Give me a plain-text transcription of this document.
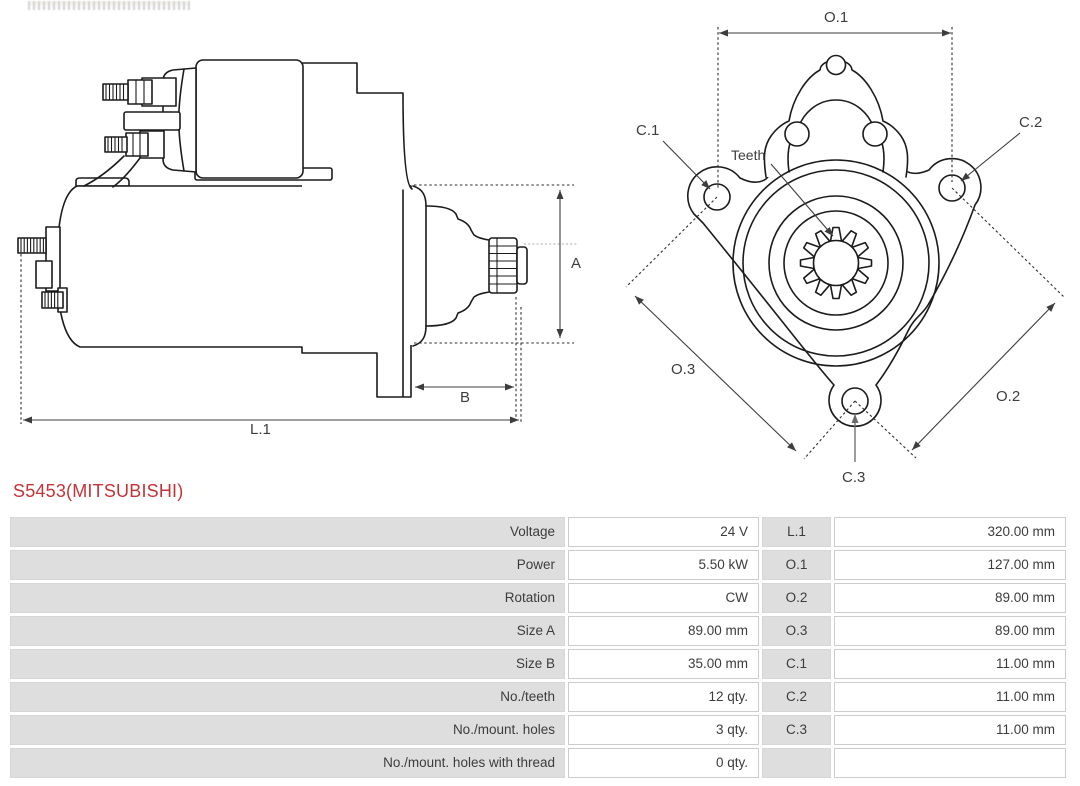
A
B
L.1
O.1
O.3
O.2
C.1	C.2
Teeth
C.3
S5453(MITSUBISHI)
Voltage	24 V	L.1	320.00 mm
Power	5.50 kW	O.1	127.00 mm
Rotation	CW	O.2	89.00 mm
Size A	89.00 mm	O.3	89.00 mm
Size B	35.00 mm	C.1	11.00 mm
No./teeth	12 qty.	C.2	11.00 mm
No./mount. holes	3 qty.	C.3	11.00 mm
No./mount. holes with thread	0 qty.
